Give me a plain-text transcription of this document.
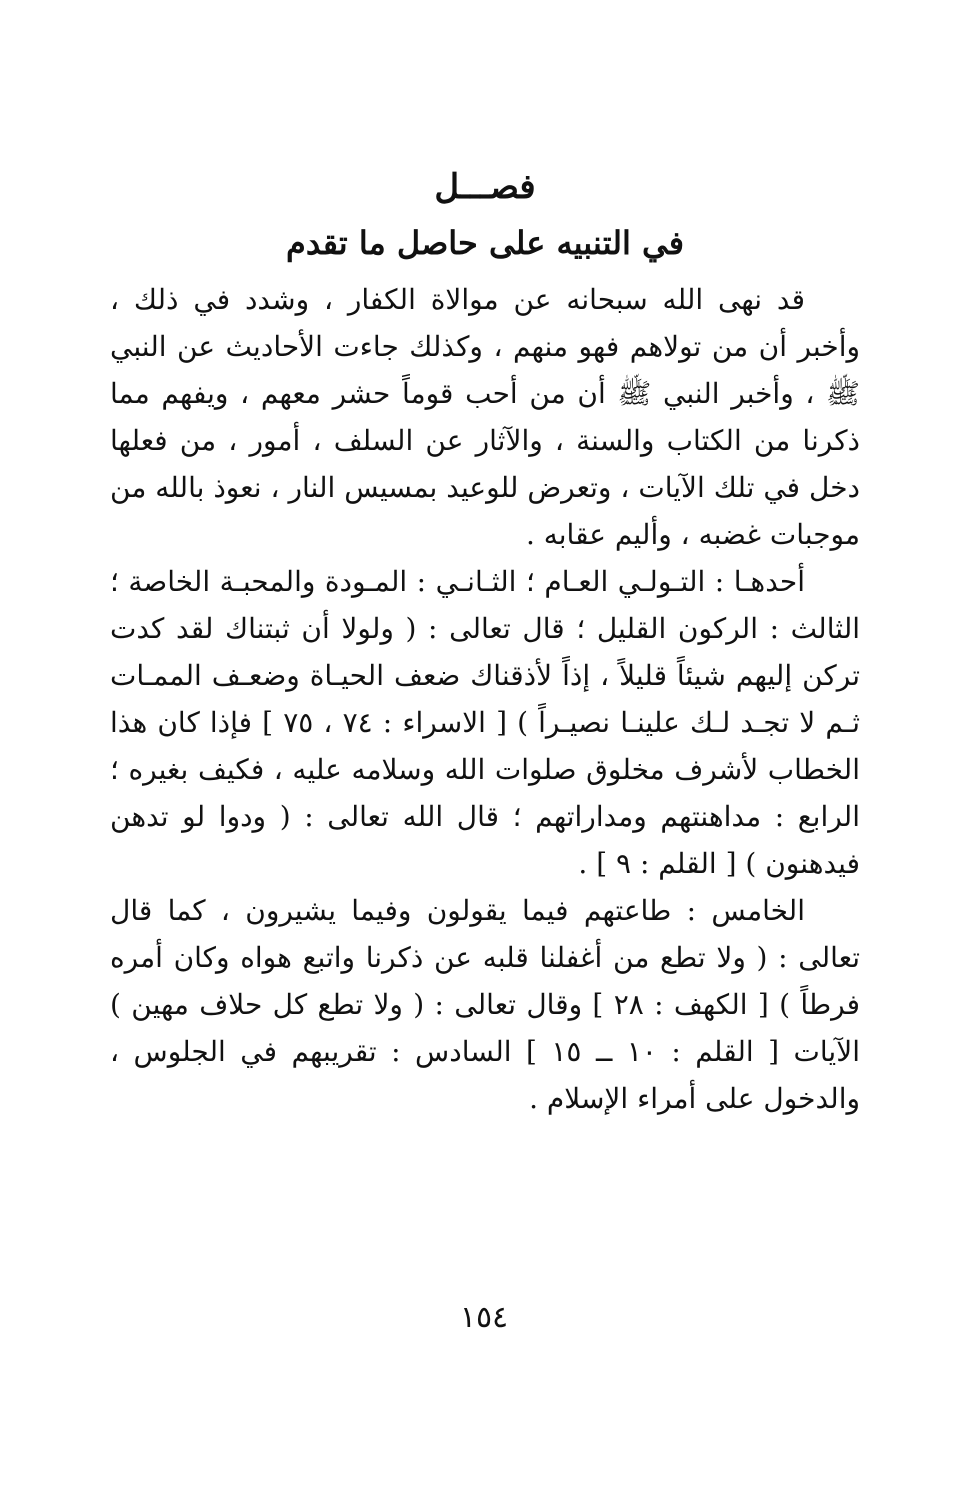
فصـــل
في التنبيه على حاصل ما تقدم

قد نهى الله سبحانه عن موالاة الكفار ، وشدد في ذلك ، وأخبر أن من تولاهم فهو منهم ، وكذلك جاءت الأحاديث عن النبي ﷺ ، وأخبر النبي ﷺ أن من أحب قوماً حشر معهم ، ويفهم مما ذكرنا من الكتاب والسنة ، والآثار عن السلف ، أمور ، من فعلها دخل في تلك الآيات ، وتعرض للوعيد بمسيس النار ، نعوذ بالله من موجبات غضبه ، وأليم عقابه .

أحدهـا : التـولـي العـام ؛ الثـانـي : المـودة والمحبـة الخاصة ؛ الثالث : الركون القليل ؛ قال تعالى : ( ولولا أن ثبتناك لقد كدت تركن إليهم شيئاً قليلاً ، إذاً لأذقناك ضعف الحيـاة وضعـف الممـات ثـم لا تجـد لـك علينـا نصيـراً ) [ الاسراء : ٧٤ ، ٧٥ ] فإذا كان هذا الخطاب لأشرف مخلوق صلوات الله وسلامه عليه ، فكيف بغيره ؛ الرابع : مداهنتهم ومداراتهم ؛ قال الله تعالى : ( ودوا لو تدهن فيدهنون ) [ القلم : ٩ ] .

الخامس : طاعتهم فيما يقولون وفيما يشيرون ، كما قال تعالى : ( ولا تطع من أغفلنا قلبه عن ذكرنا واتبع هواه وكان أمره فرطاً ) [ الكهف : ٢٨ ] وقال تعالى : ( ولا تطع كل حلاف مهين ) الآيات [ القلم : ١٠ ــ ١٥ ] السادس : تقريبهم في الجلوس ، والدخول على أمراء الإسلام .

١٥٤
